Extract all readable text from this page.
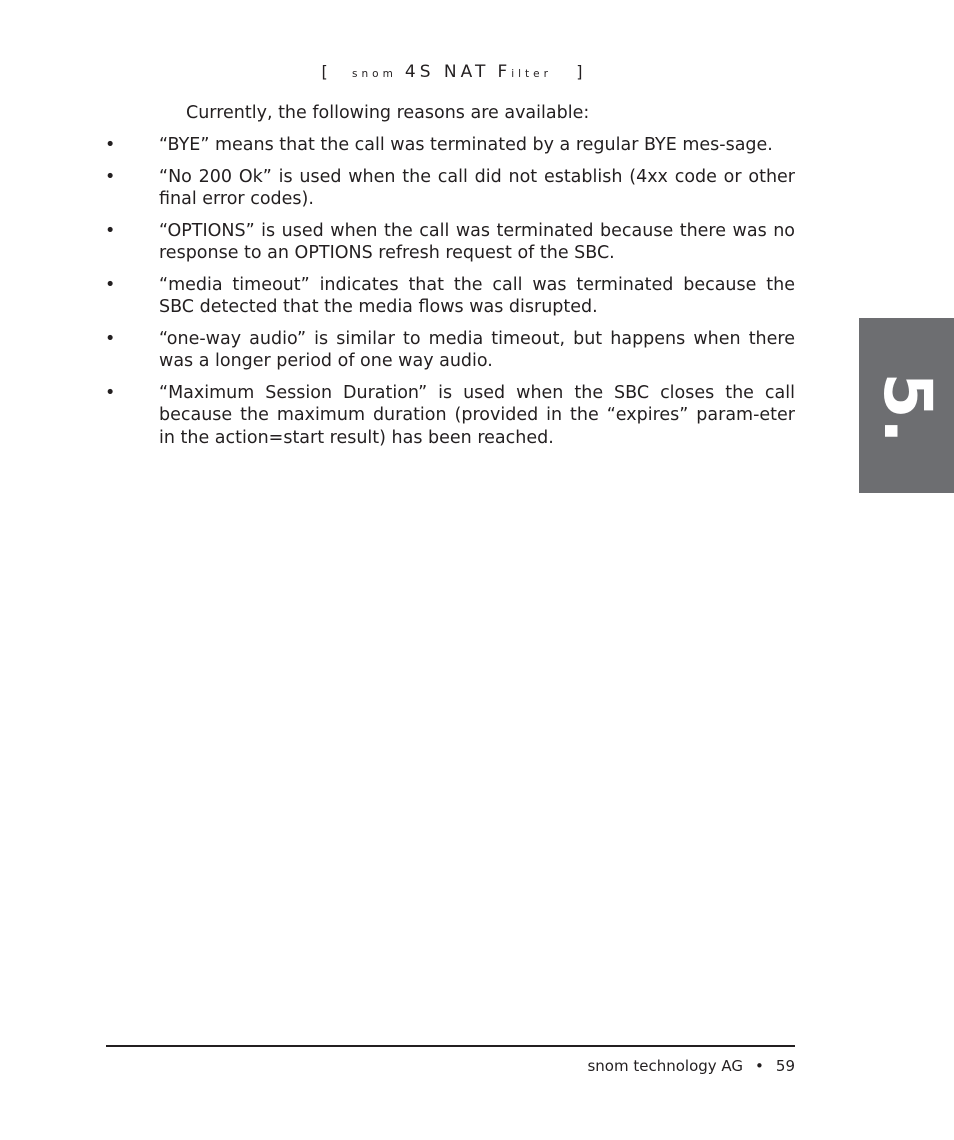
[ snom 4S NAT Filter ]

Currently, the following reasons are available:

• “BYE” means that the call was terminated by a regular BYE mes-sage.
• “No 200 Ok” is used when the call did not establish (4xx code or other final error codes).
• “OPTIONS” is used when the call was terminated because there was no response to an OPTIONS refresh request of the SBC.
• “media timeout” indicates that the call was terminated because the SBC detected that the media flows was disrupted.
• “one-way audio” is similar to media timeout, but happens when there was a longer period of one way audio.
• “Maximum Session Duration” is used when the SBC closes the call because the maximum duration (provided in the “expires” param-eter in the action=start result) has been reached.	5.
snom technology AG • 59
